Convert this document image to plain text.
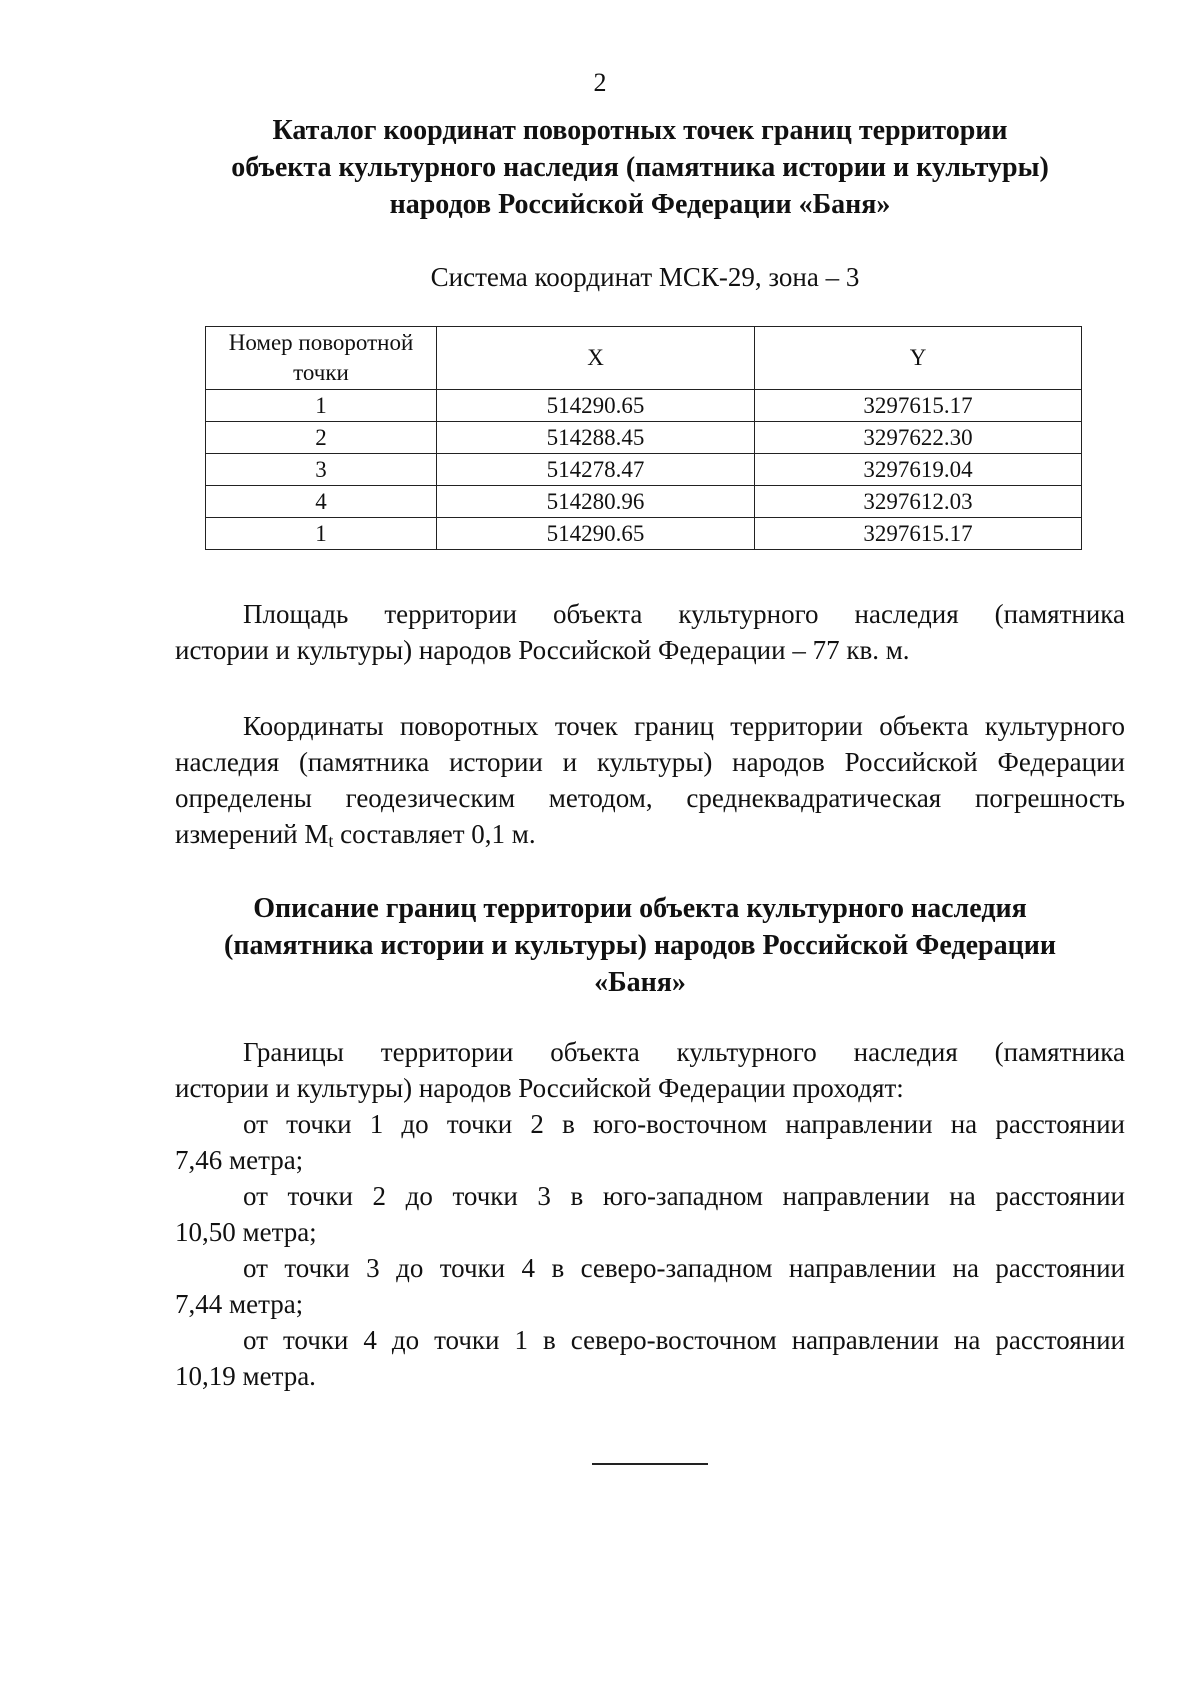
2
Каталог координат поворотных точек границ территории
объекта культурного наследия (памятника истории и культуры)
народов Российской Федерации «Баня»
Система координат МСК-29, зона – 3
Номер поворотной
точки	X	Y
1	514290.65	3297615.17
2	514288.45	3297622.30
3	514278.47	3297619.04
4	514280.96	3297612.03
1	514290.65	3297615.17
Площадь территории объекта культурного наследия (памятника
истории и культуры) народов Российской Федерации – 77 кв. м.
Координаты поворотных точек границ территории объекта культурного
наследия (памятника истории и культуры) народов Российской Федерации
определены геодезическим методом, среднеквадратическая погрешность
измерений $M_t$ составляет 0,1 м.
Описание границ территории объекта культурного наследия
(памятника истории и культуры) народов Российской Федерации
«Баня»
Границы территории объекта культурного наследия (памятника
истории и культуры) народов Российской Федерации проходят:
от точки 1 до точки 2 в юго-восточном направлении на расстоянии
7,46 метра;
от точки 2 до точки 3 в юго-западном направлении на расстоянии
10,50 метра;
от точки 3 до точки 4 в северо-западном направлении на расстоянии
7,44 метра;
от точки 4 до точки 1 в северо-восточном направлении на расстоянии
10,19 метра.
